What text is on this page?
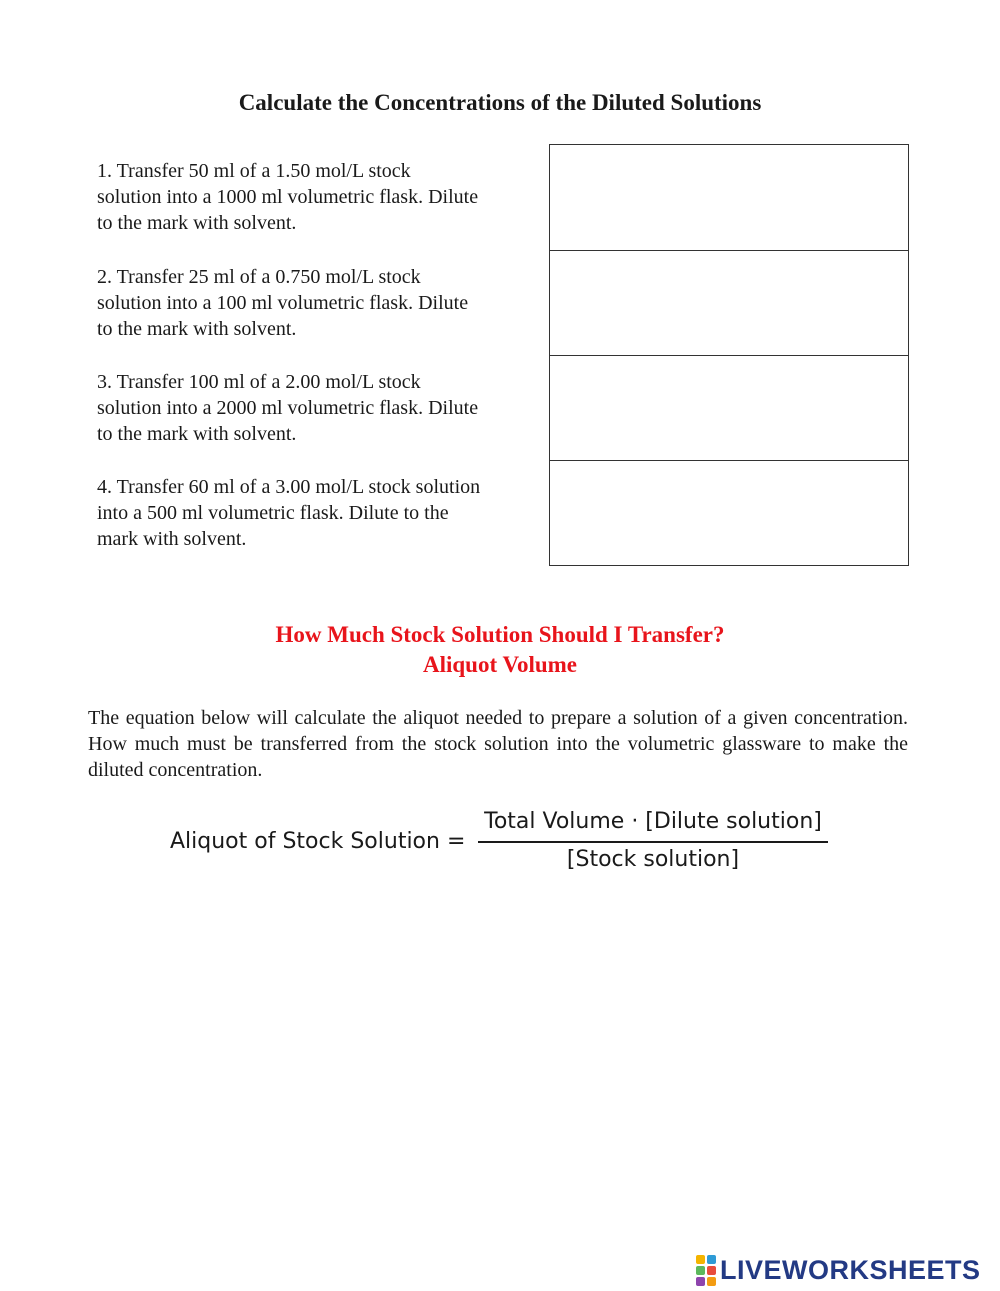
Calculate the Concentrations of the Diluted Solutions
1. Transfer 50 ml of a 1.50 mol/L stock
solution into a 1000 ml volumetric flask. Dilute
to the mark with solvent.
2. Transfer 25 ml of a 0.750 mol/L stock
solution into a 100 ml volumetric flask. Dilute
to the mark with solvent.
3. Transfer 100 ml of a 2.00 mol/L stock
solution into a 2000 ml volumetric flask. Dilute
to the mark with solvent.
4. Transfer 60 ml of a 3.00 mol/L stock solution
into a 500 ml volumetric flask. Dilute to the
mark with solvent.
How Much Stock Solution Should I Transfer?
Aliquot Volume
The equation below will calculate the aliquot needed to prepare a solution of a given concentration. How much must be transferred from the stock solution into the volumetric glassware to make the diluted concentration.
Aliquot of Stock Solution =
Total Volume · [Dilute solution]
[Stock solution]
LIVEWORKSHEETS
